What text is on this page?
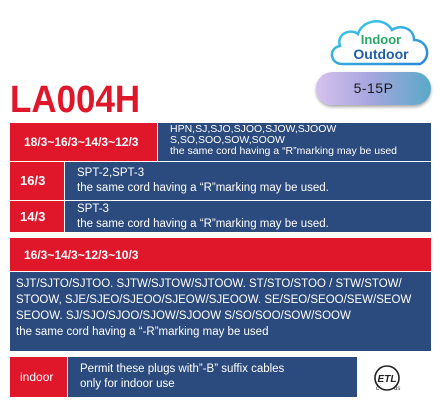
Indoor
Outdoor
LA004H	5-15P
18/3~16/3~14/3~12/3
HPN,SJ,SJO,SJOO,SJOW,SJOOW
S,SO,SOO,SOW,SOOW
the same cord having a “R”marking may be used
16/3	SPT-2,SPT-3
the same cord having a “R”marking may be used.
14/3	SPT-3
the same cord having a “R”marking may be used.
16/3~14/3~12/3~10/3
SJT/SJTO/SJTOO. SJTW/SJTOW/SJTOOW. ST/STO/STOO / STW/STOW/
STOOW, SJE/SJEO/SJEOO/SJEOW/SJEOOW. SE/SEO/SEOO/SEW/SEOW
SEOOW. SJ/SJO/SJOO/SJOW/SJOOW S/SO/SOO/SOW/SOOW
the same cord having a “-R”marking may be used
indoor
Permit these plugs with”-B” suffix cables
only for indoor use	ETL
c	us
